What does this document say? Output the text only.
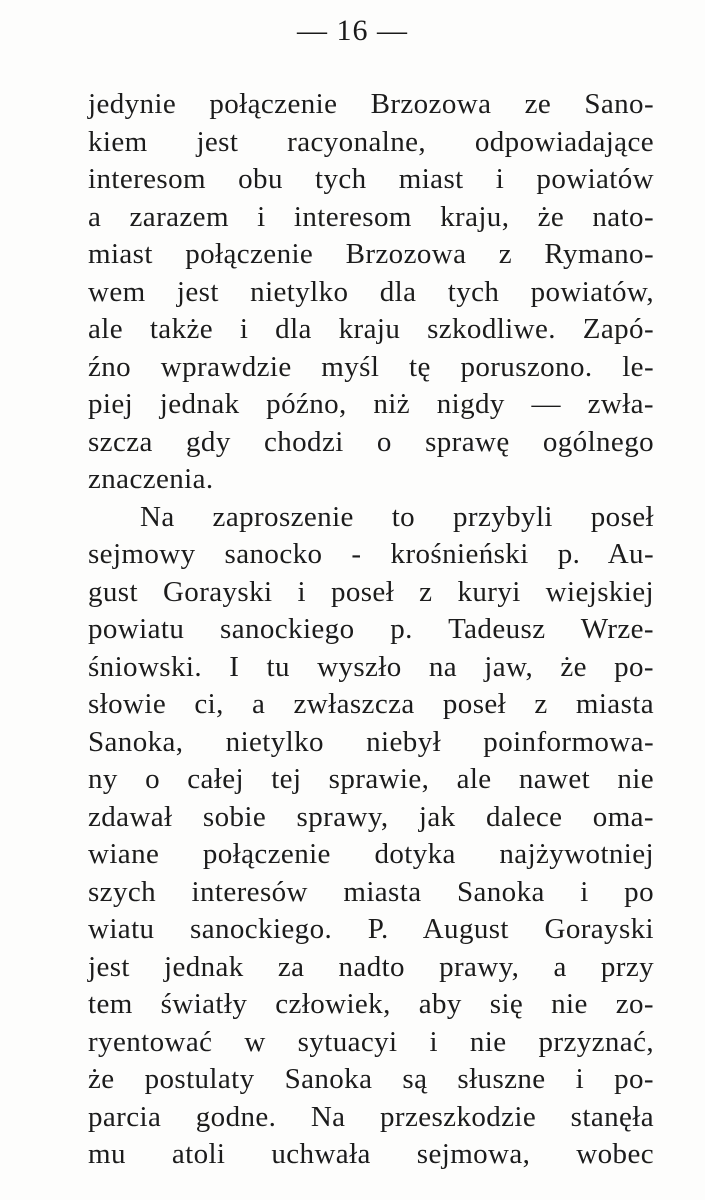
— 16 —
jedynie połączenie Brzozowa ze Sano-
kiem jest racyonalne, odpowiadające
interesom obu tych miast i powiatów
a zarazem i interesom kraju, że nato-
miast połączenie Brzozowa z Rymano-
wem jest nietylko dla tych powiatów,
ale także i dla kraju szkodliwe. Zapó-
źno wprawdzie myśl tę poruszono. le-
piej jednak późno, niż nigdy — zwła-
szcza gdy chodzi o sprawę ogólnego
znaczenia.
Na zaproszenie to przybyli poseł
sejmowy sanocko - krośnieński p. Au-
gust Gorayski i poseł z kuryi wiejskiej
powiatu sanockiego p. Tadeusz Wrze-
śniowski. I tu wyszło na jaw, że po-
słowie ci, a zwłaszcza poseł z miasta
Sanoka, nietylko niebył poinformowa-
ny o całej tej sprawie, ale nawet nie
zdawał sobie sprawy, jak dalece oma-
wiane połączenie dotyka najżywotniej
szych interesów miasta Sanoka i po
wiatu sanockiego. P. August Gorayski
jest jednak za nadto prawy, a przy
tem światły człowiek, aby się nie zo-
ryentować w sytuacyi i nie przyznać,
że postulaty Sanoka są słuszne i po-
parcia godne. Na przeszkodzie stanęła
mu atoli uchwała sejmowa, wobec
